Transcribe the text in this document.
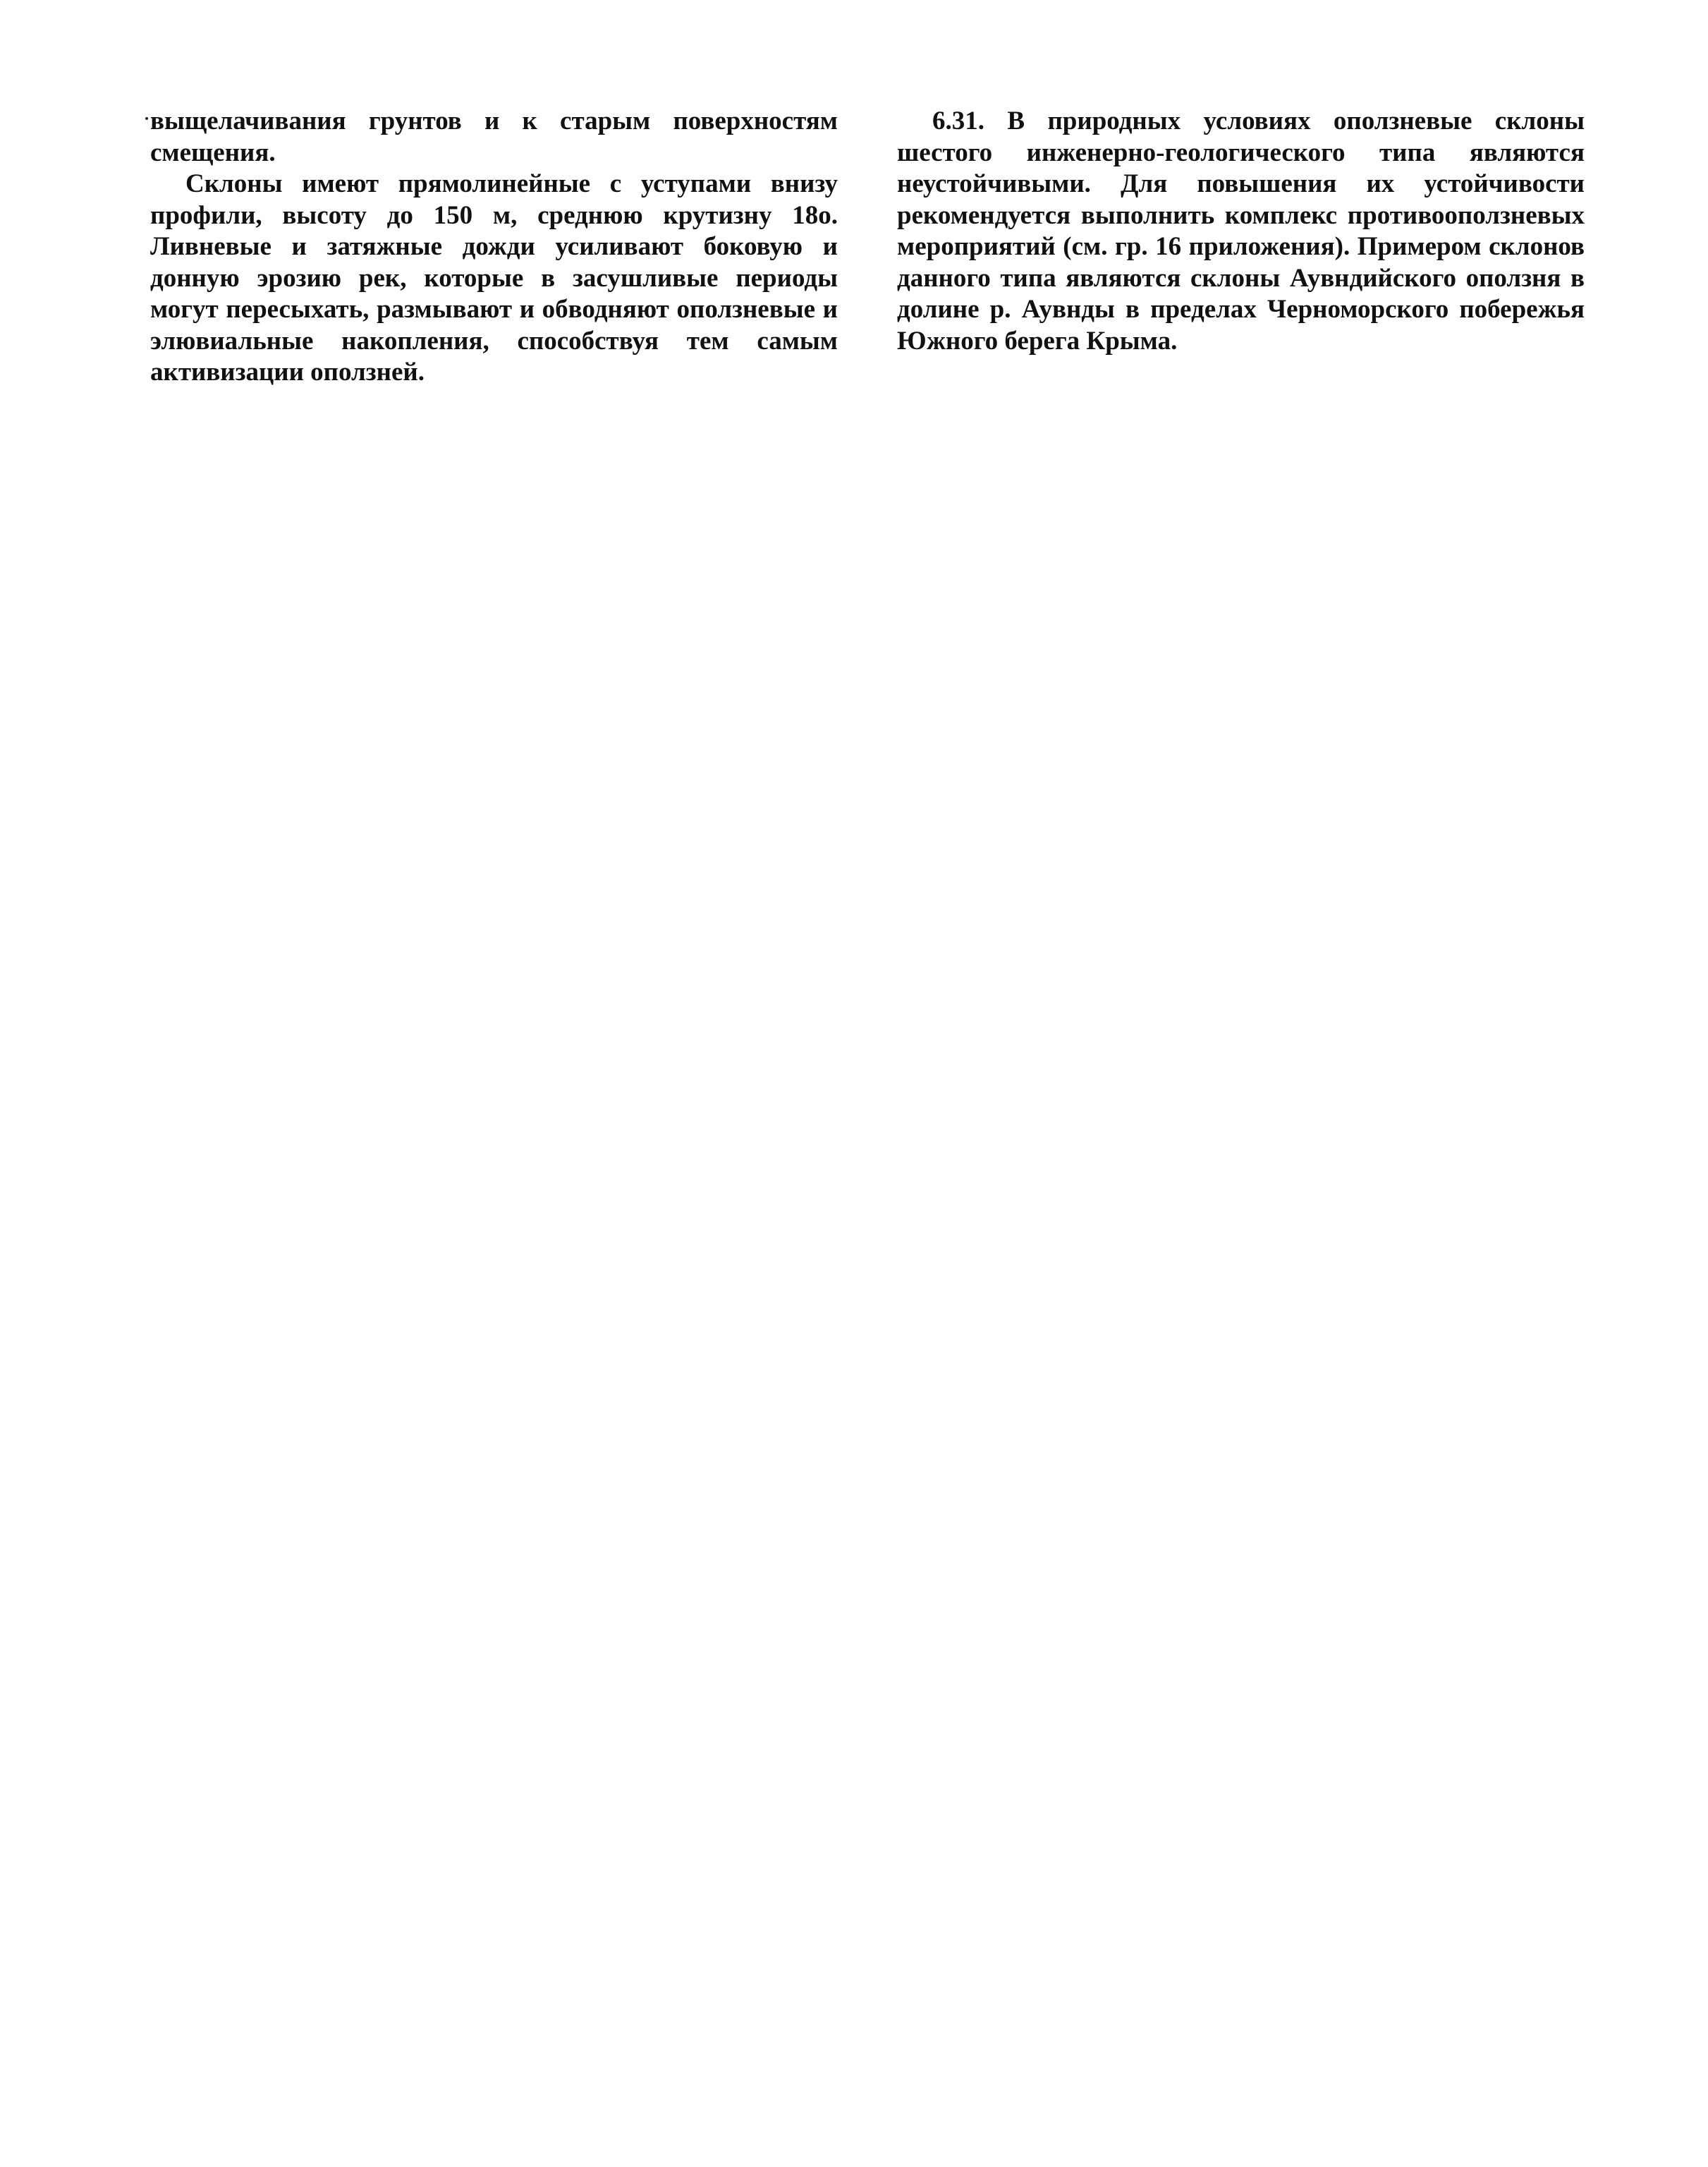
выщелачивания грунтов и к старым поверхностям смещения.

Склоны имеют прямолинейные с уступами внизу профили, высоту до 150 м, среднюю крутизну 18о. Ливневые и затяжные дожди усиливают боковую и донную эрозию рек, которые в засушливые периоды могут пересыхать, размывают и обводняют оползневые и элювиальные накопления, способствуя тем самым активизации оползней.

6.31. В природных условиях оползневые склоны шестого инженерно-геологического типа являются неустойчивыми. Для повышения их устойчивости рекомендуется выполнить комплекс противооползневых мероприятий (см. гр. 16 приложения). Примером склонов данного типа являются склоны Аувндийского оползня в долине р. Аувнды в пределах Черноморского побережья Южного берега Крыма.
